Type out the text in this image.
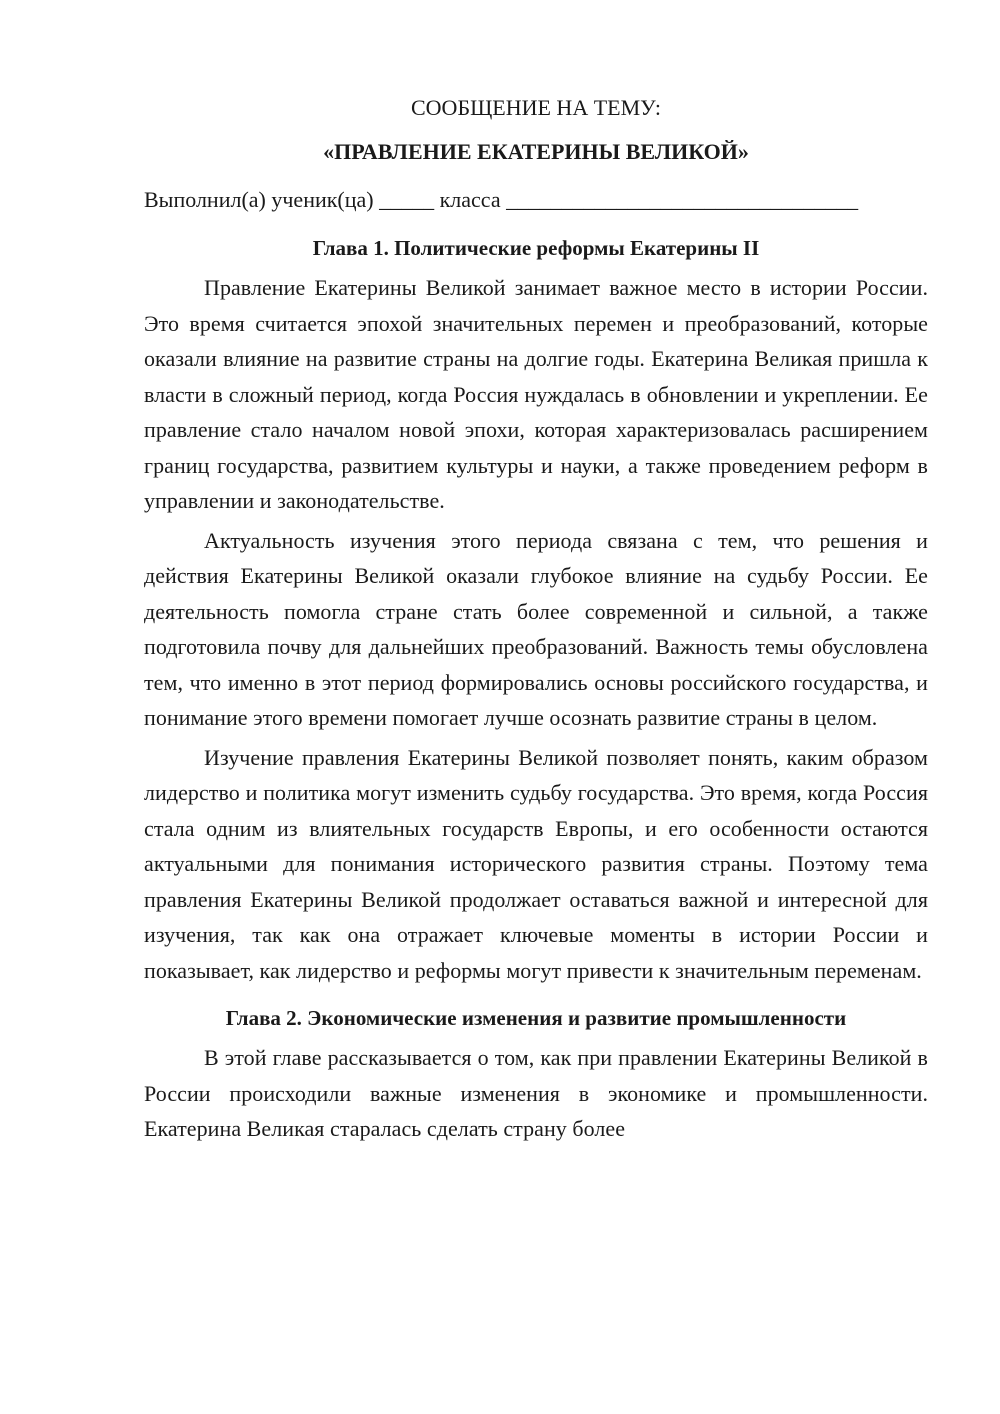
СООБЩЕНИЕ НА ТЕМУ:

«ПРАВЛЕНИЕ ЕКАТЕРИНЫ ВЕЛИКОЙ»

Выполнил(а) ученик(ца) _____ класса ________________________________

Глава 1. Политические реформы Екатерины II

Правление Екатерины Великой занимает важное место в истории России. Это время считается эпохой значительных перемен и преобразований, которые оказали влияние на развитие страны на долгие годы. Екатерина Великая пришла к власти в сложный период, когда Россия нуждалась в обновлении и укреплении. Ее правление стало началом новой эпохи, которая характеризовалась расширением границ государства, развитием культуры и науки, а также проведением реформ в управлении и законодательстве.

Актуальность изучения этого периода связана с тем, что решения и действия Екатерины Великой оказали глубокое влияние на судьбу России. Ее деятельность помогла стране стать более современной и сильной, а также подготовила почву для дальнейших преобразований. Важность темы обусловлена тем, что именно в этот период формировались основы российского государства, и понимание этого времени помогает лучше осознать развитие страны в целом.

Изучение правления Екатерины Великой позволяет понять, каким образом лидерство и политика могут изменить судьбу государства. Это время, когда Россия стала одним из влиятельных государств Европы, и его особенности остаются актуальными для понимания исторического развития страны. Поэтому тема правления Екатерины Великой продолжает оставаться важной и интересной для изучения, так как она отражает ключевые моменты в истории России и показывает, как лидерство и реформы могут привести к значительным переменам.

Глава 2. Экономические изменения и развитие промышленности

В этой главе рассказывается о том, как при правлении Екатерины Великой в России происходили важные изменения в экономике и промышленности. Екатерина Великая старалась сделать страну более
